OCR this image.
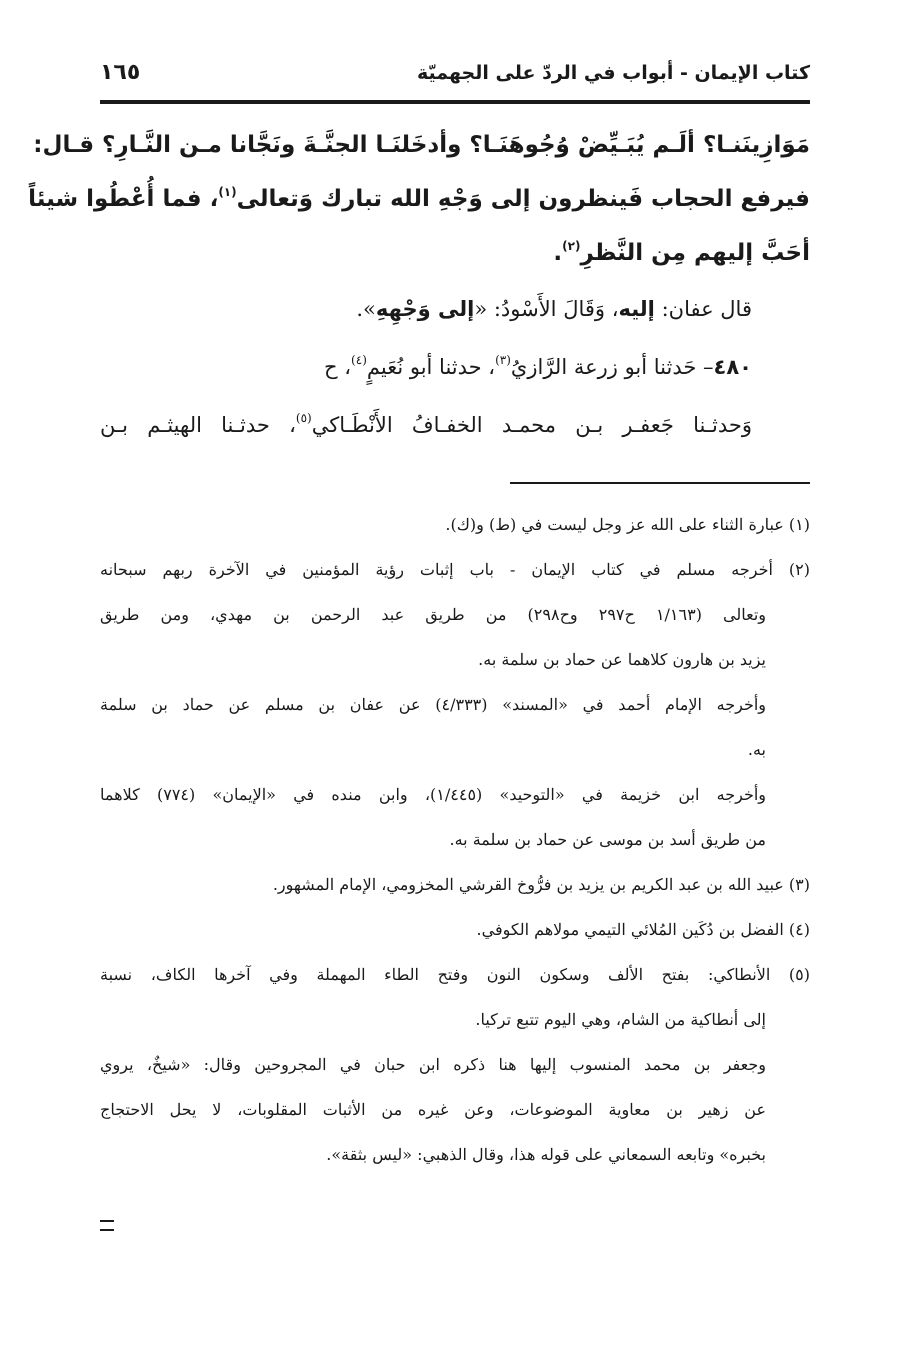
كتاب الإيمان - أبواب في الردّ على الجهميّة
١٦٥
مَوَازِينَنـا؟ ألَـم يُبَـيِّضْ وُجُوهَنَـا؟ وأدخَلنَـا الجنَّـةَ ونَجَّانا مـن النَّـارِ؟ قـال:
فيرفع الحجاب فَينظرون إلى وَجْهِ الله تبارك وَتعالى$^{(١)}$، فما أُعْطُوا شيئاً
أحَبَّ إليهم مِن النَّظرِ$^{(٢)}$.
قال عفان: إليه، وَقَالَ الأَسْودُ: «إلى وَجْهِهِ».
٤٨٠– حَدثنا أبو زرعة الرَّازيُ$^{(٣)}$، حدثنا أبو نُعَيمٍ$^{(٤)}$، ح
وَحدثـنا جَعفـر بـن محمـد الخفـافُ الأَنْطَـاكي$^{(٥)}$، حدثـنا الهيثـم بـن
(١) عبارة الثناء على الله عز وجل ليست في (ط) و(ك).
(٢) أخرجه مسلم في كتاب الإيمان - باب إثبات رؤية المؤمنين في الآخرة ربهم سبحانه
وتعالى (١/١٦٣ ح٢٩٧ وح٢٩٨) من طريق عبد الرحمن بن مهدي، ومن طريق
يزيد بن هارون كلاهما عن حماد بن سلمة به.
وأخرجه الإمام أحمد في «المسند» (٤/٣٣٣) عن عفان بن مسلم عن حماد بن سلمة
به.
وأخرجه ابن خزيمة في «التوحيد» (١/٤٤٥)، وابن منده في «الإيمان» (٧٧٤) كلاهما
من طريق أسد بن موسى عن حماد بن سلمة به.
(٣) عبيد الله بن عبد الكريم بن يزيد بن فرُّوخ القرشي المخزومي، الإمام المشهور.
(٤) الفضل بن دُكَين المُلائي التيمي مولاهم الكوفي.
(٥) الأنطاكي: بفتح الألف وسكون النون وفتح الطاء المهملة وفي آخرها الكاف، نسبة
إلى أنطاكية من الشام، وهي اليوم تتبع تركيا.
وجعفر بن محمد المنسوب إليها هنا ذكره ابن حبان في المجروحين وقال: «شيخٌ، يروي
عن زهير بن معاوية الموضوعات، وعن غيره من الأثبات المقلوبات، لا يحل الاحتجاج
بخبره» وتابعه السمعاني على قوله هذا، وقال الذهبي: «ليس بثقة».
